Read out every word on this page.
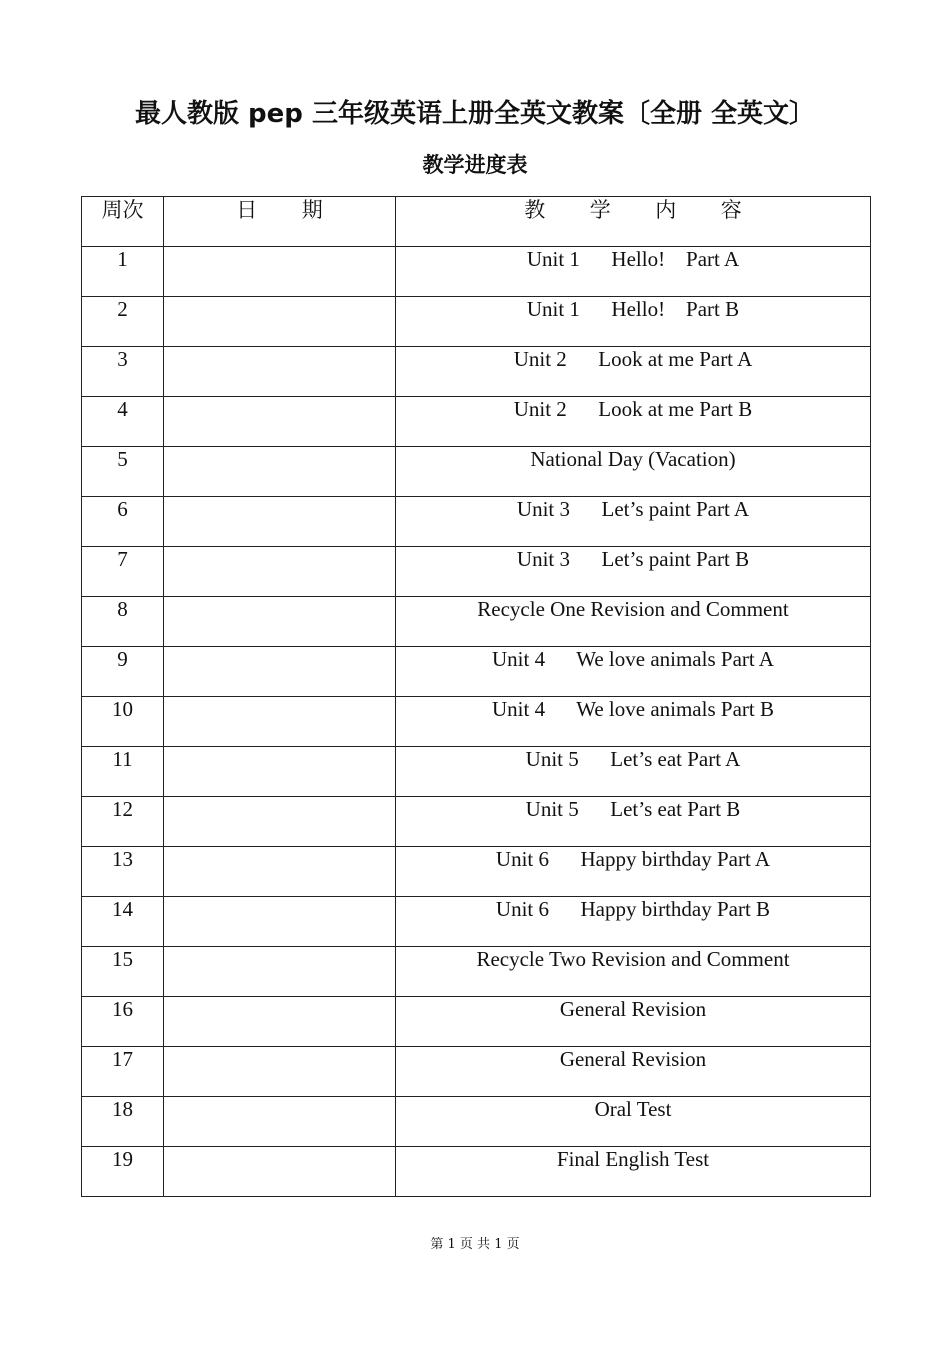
最人教版 pep 三年级英语上册全英文教案〔全册 全英文〕
教学进度表
周次	日 期	教 学 内 容
1		Unit 1      Hello!    Part A
2		Unit 1      Hello!    Part B
3		Unit 2      Look at me Part A
4		Unit 2      Look at me Part B
5		National Day (Vacation)
6		Unit 3      Let’s paint Part A
7		Unit 3      Let’s paint Part B
8		Recycle One Revision and Comment
9		Unit 4      We love animals Part A
10		Unit 4      We love animals Part B
11		Unit 5      Let’s eat Part A
12		Unit 5      Let’s eat Part B
13		Unit 6      Happy birthday Part A
14		Unit 6      Happy birthday Part B
15		Recycle Two Revision and Comment
16		General Revision
17		General Revision
18		Oral Test
19		Final English Test
第 1 页 共 1 页
